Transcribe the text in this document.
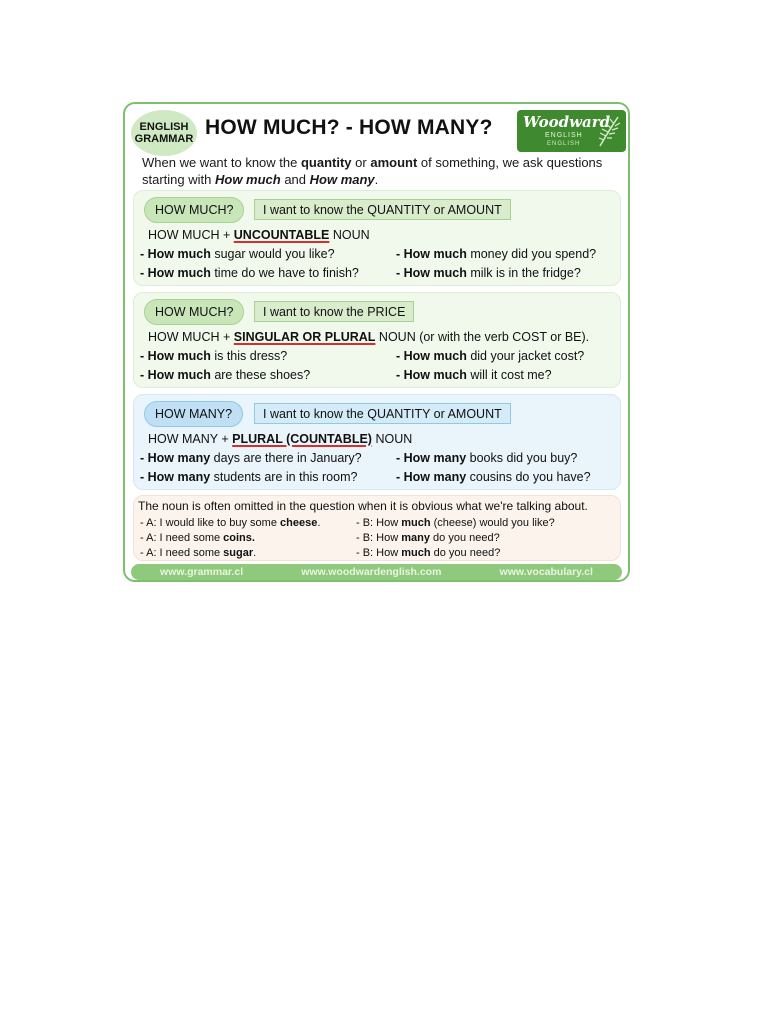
ENGLISH
GRAMMAR HOW MUCH? - HOW MANY? Woodward
ENGLISH
ENGLISH
When we want to know the quantity or amount of something, we ask questions starting with How much and How many.
HOW MUCH?	I want to know the QUANTITY or AMOUNT
HOW MUCH + UNCOUNTABLE NOUN
- How much sugar would you like?	- How much money did you spend?
- How much time do we have to finish?	- How much milk is in the fridge?
HOW MUCH?	I want to know the PRICE
HOW MUCH + SINGULAR OR PLURAL NOUN (or with the verb COST or BE).
- How much is this dress?	- How much did your jacket cost?
- How much are these shoes?	- How much will it cost me?
HOW MANY?	I want to know the QUANTITY or AMOUNT
HOW MANY + PLURAL (COUNTABLE) NOUN
- How many days are there in January?	- How many books did you buy?
- How many students are in this room?	- How many cousins do you have?
The noun is often omitted in the question when it is obvious what we're talking about.
- A: I would like to buy some cheese.	- B: How much (cheese) would you like?
- A: I need some coins.	- B: How many do you need?
- A: I need some sugar.	- B: How much do you need?
www.grammar.cl	www.woodwardenglish.com	www.vocabulary.cl
